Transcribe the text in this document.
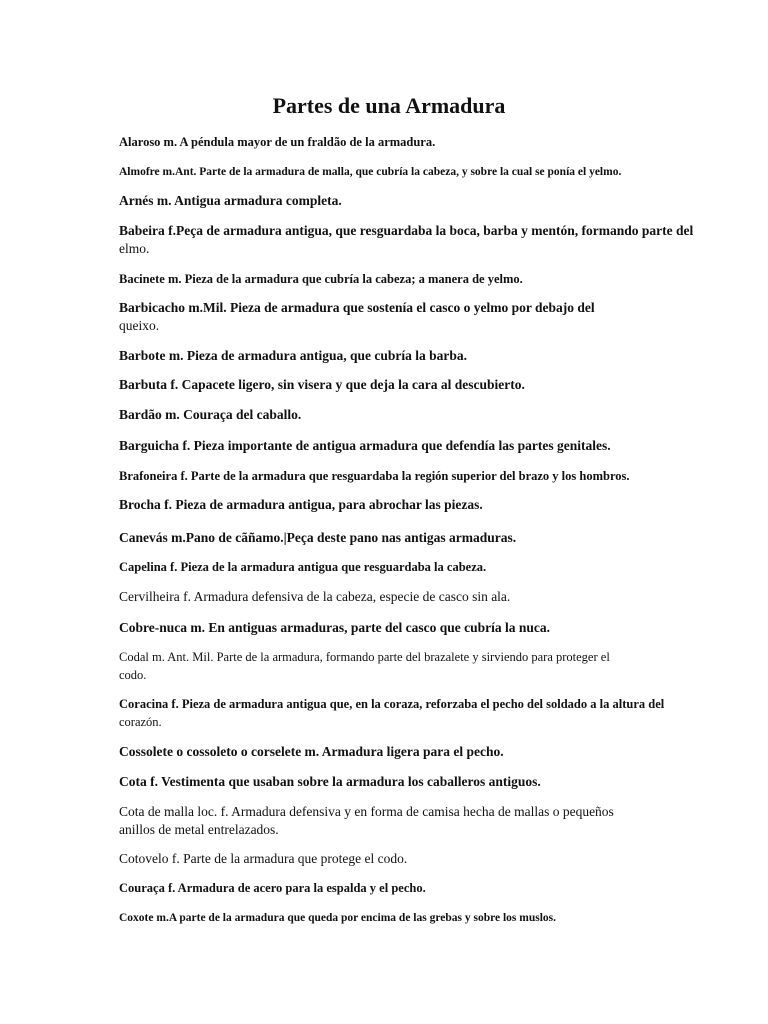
Partes de una Armadura

Alaroso m. A péndula mayor de un fraldão de la armadura.

Almofre m.Ant. Parte de la armadura de malla, que cubría la cabeza, y sobre la cual se ponía el yelmo.

Arnés m. Antigua armadura completa.

Babeira f.Peça de armadura antigua, que resguardaba la boca, barba y mentón, formando parte del
elmo.

Bacinete m. Pieza de la armadura que cubría la cabeza; a manera de yelmo.

Barbicacho m.Mil. Pieza de armadura que sostenía el casco o yelmo por debajo del
queixo.

Barbote m. Pieza de armadura antigua, que cubría la barba.

Barbuta f. Capacete ligero, sin visera y que deja la cara al descubierto.

Bardão m. Couraça del caballo.

Barguicha f. Pieza importante de antigua armadura que defendía las partes genitales.

Brafoneira f. Parte de la armadura que resguardaba la región superior del brazo y los hombros.

Brocha f. Pieza de armadura antigua, para abrochar las piezas.

Canevás m.Pano de cãñamo.|Peça deste pano nas antigas armaduras.

Capelina f. Pieza de la armadura antigua que resguardaba la cabeza.

Cervilheira f. Armadura defensiva de la cabeza, especie de casco sin ala.

Cobre-nuca m. En antiguas armaduras, parte del casco que cubría la nuca.

Codal m. Ant. Mil. Parte de la armadura, formando parte del brazalete y sirviendo para proteger el
codo.

Coracina f. Pieza de armadura antigua que, en la coraza, reforzaba el pecho del soldado a la altura del
corazón.

Cossolete o cossoleto o corselete m. Armadura ligera para el pecho.

Cota f. Vestimenta que usaban sobre la armadura los caballeros antiguos.

Cota de malla loc. f. Armadura defensiva y en forma de camisa hecha de mallas o pequeños
anillos de metal entrelazados.

Cotovelo f. Parte de la armadura que protege el codo.

Couraça f. Armadura de acero para la espalda y el pecho.

Coxote m.A parte de la armadura que queda por encima de las grebas y sobre los muslos.
